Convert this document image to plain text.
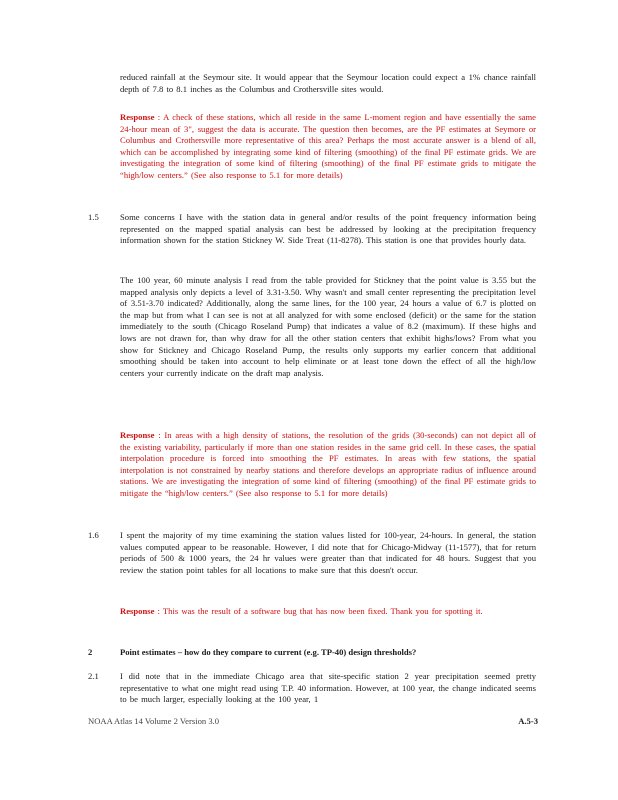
reduced rainfall at the Seymour site. It would appear that the Seymour location could expect a 1% chance rainfall depth of 7.8 to 8.1 inches as the Columbus and Crothersville sites would.
Response : A check of these stations, which all reside in the same L-moment region and have essentially the same 24-hour mean of 3", suggest the data is accurate. The question then becomes, are the PF estimates at Seymore or Columbus and Crothersville more representative of this area? Perhaps the most accurate answer is a blend of all, which can be accomplished by integrating some kind of filtering (smoothing) of the final PF estimate grids. We are investigating the integration of some kind of filtering (smoothing) of the final PF estimate grids to mitigate the “high/low centers.” (See also response to 5.1 for more details)
1.5 Some concerns I have with the station data in general and/or results of the point frequency information being represented on the mapped spatial analysis can best be addressed by looking at the precipitation frequency information shown for the station Stickney W. Side Treat (11-8278). This station is one that provides hourly data.
The 100 year, 60 minute analysis I read from the table provided for Stickney that the point value is 3.55 but the mapped analysis only depicts a level of 3.31-3.50. Why wasn't and small center representing the precipitation level of 3.51-3.70 indicated? Additionally, along the same lines, for the 100 year, 24 hours a value of 6.7 is plotted on the map but from what I can see is not at all analyzed for with some enclosed (deficit) or the same for the station immediately to the south (Chicago Roseland Pump) that indicates a value of 8.2 (maximum). If these highs and lows are not drawn for, than why draw for all the other station centers that exhibit highs/lows? From what you show for Stickney and Chicago Roseland Pump, the results only supports my earlier concern that additional smoothing should be taken into account to help eliminate or at least tone down the effect of all the high/low centers your currently indicate on the draft map analysis.
Response : In areas with a high density of stations, the resolution of the grids (30-seconds) can not depict all of the existing variability, particularly if more than one station resides in the same grid cell. In these cases, the spatial interpolation procedure is forced into smoothing the PF estimates. In areas with few stations, the spatial interpolation is not constrained by nearby stations and therefore develops an appropriate radius of influence around stations. We are investigating the integration of some kind of filtering (smoothing) of the final PF estimate grids to mitigate the “high/low centers.” (See also response to 5.1 for more details)
1.6 I spent the majority of my time examining the station values listed for 100-year, 24-hours. In general, the station values computed appear to be reasonable. However, I did note that for Chicago-Midway (11-1577), that for return periods of 500 & 1000 years, the 24 hr values were greater than that indicated for 48 hours. Suggest that you review the station point tables for all locations to make sure that this doesn't occur.
Response : This was the result of a software bug that has now been fixed. Thank you for spotting it.
2	Point estimates – how do they compare to current (e.g. TP-40) design thresholds?
2.1 I did note that in the immediate Chicago area that site-specific station 2 year precipitation seemed pretty representative to what one might read using T.P. 40 information. However, at 100 year, the change indicated seems to be much larger, especially looking at the 100 year, 1
NOAA Atlas 14 Volume 2 Version 3.0	A.5-3
